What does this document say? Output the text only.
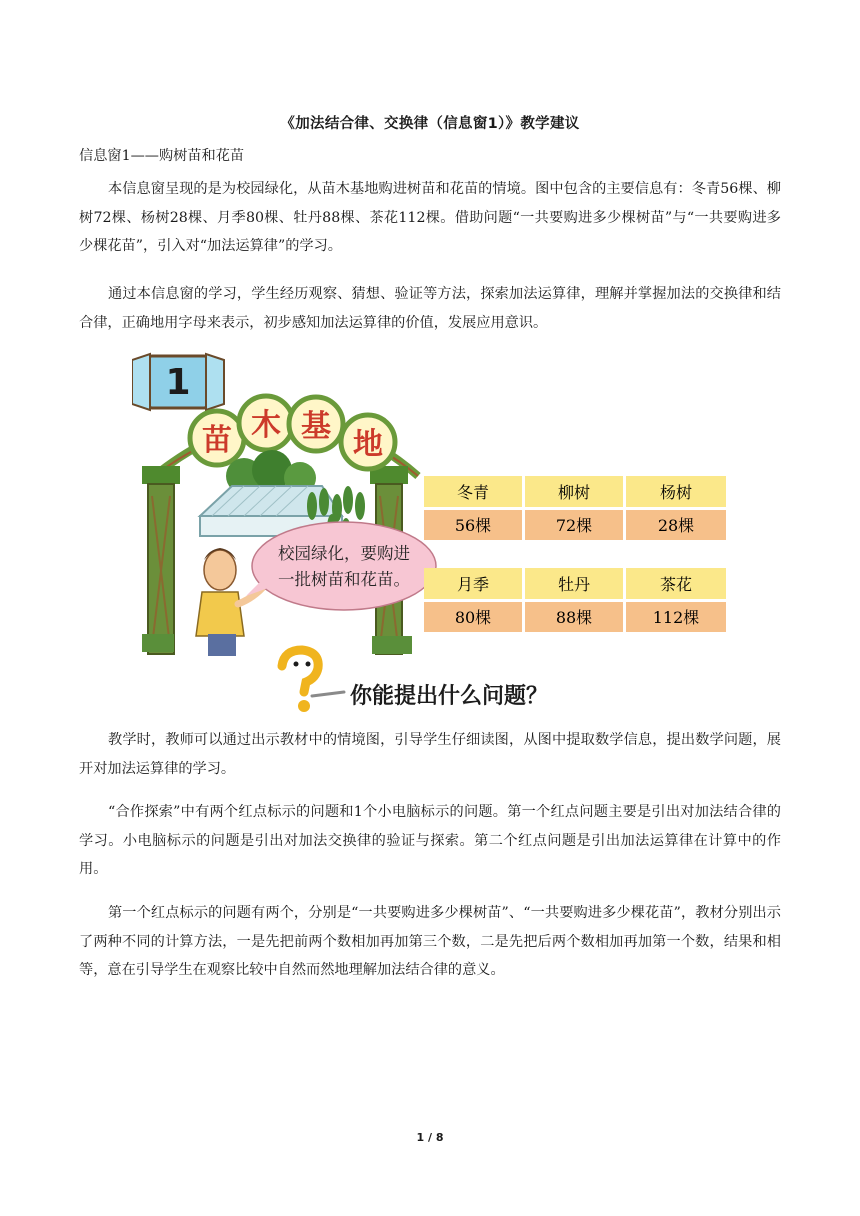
《加法结合律、交换律（信息窗1）》教学建议
信息窗1——购树苗和花苗
本信息窗呈现的是为校园绿化，从苗木基地购进树苗和花苗的情境。图中包含的主要信息有：冬青56棵、柳树72棵、杨树28棵、月季80棵、牡丹88棵、茶花112棵。借助问题“一共要购进多少棵树苗”与“一共要购进多少棵花苗”，引入对“加法运算律”的学习。
通过本信息窗的学习，学生经历观察、猜想、验证等方法，探索加法运算律，理解并掌握加法的交换律和结合律，正确地用字母来表示，初步感知加法运算律的价值，发展应用意识。
1
苗 木 基
地
校园绿化，要购进
一批树苗和花苗。
冬青	柳树	杨树
56棵	72棵	28棵
月季	牡丹	茶花
80棵	88棵	112棵
你能提出什么问题？
教学时，教师可以通过出示教材中的情境图，引导学生仔细读图，从图中提取数学信息，提出数学问题，展开对加法运算律的学习。
“合作探索”中有两个红点标示的问题和1个小电脑标示的问题。第一个红点问题主要是引出对加法结合律的学习。小电脑标示的问题是引出对加法交换律的验证与探索。第二个红点问题是引出加法运算律在计算中的作用。
第一个红点标示的问题有两个，分别是“一共要购进多少棵树苗”、“一共要购进多少棵花苗”，教材分别出示了两种不同的计算方法，一是先把前两个数相加再加第三个数，二是先把后两个数相加再加第一个数，结果和相等，意在引导学生在观察比较中自然而然地理解加法结合律的意义。
1 / 8
